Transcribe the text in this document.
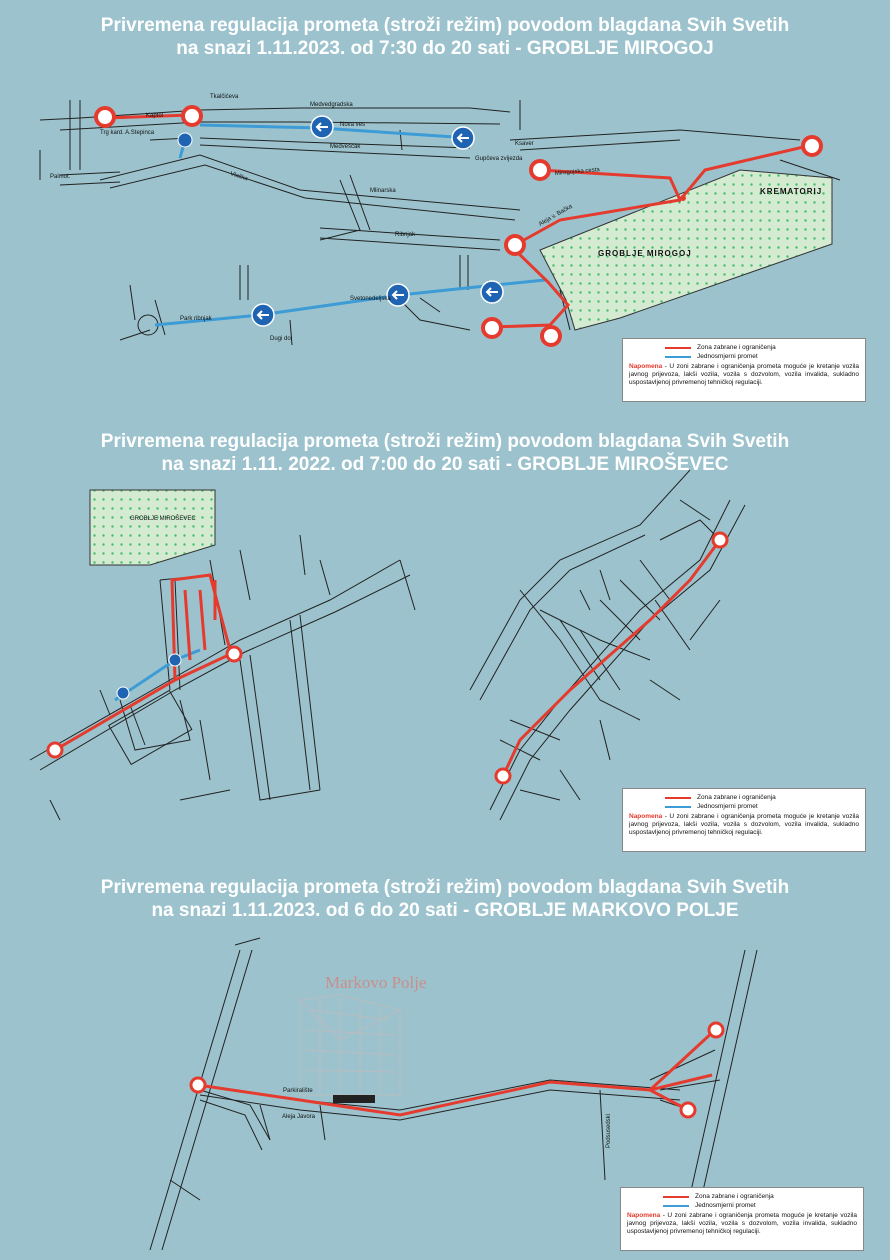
Privremena regulacija prometa (stroži režim) povodom blagdana Svih Svetih
na snazi 1.11.2023. od 7:30 do 20 sati - GROBLJE MIROGOJ
KREMATORIJ
GROBLJE MIROGOJ
Medvedgradska
Nova ves
Medvešćak
Kaptol
Tkalčićeva
Ksaver
Mirogojska cesta
Aleja v. Bačka
Mlinarska
Gupčeva zvijezda
Svetonedeljska
Dugi dol
Ribnjak
Trg kard. A.Stepinca
Palmot.
Park ribnjak
Vlaška
Zona zabrane i ograničenja
Jednosmjerni promet
Napomena - U zoni zabrane i ograničenja prometa moguće je kretanje vozila javnog prijevoza, lakši vozila, vozila s dozvolom, vozila invalida, sukladno uspostavljenoj privremenoj tehničkoj regulaciji.
Privremena regulacija prometa (stroži režim) povodom blagdana Svih Svetih
na snazi 1.11. 2022. od 7:00 do 20 sati - GROBLJE MIROŠEVEC
GROBLJE MIROŠEVEC
Zona zabrane i ograničenja
Jednosmjerni promet
Napomena - U zoni zabrane i ograničenja prometa moguće je kretanje vozila javnog prijevoza, lakši vozila, vozila s dozvolom, vozila invalida, sukladno uspostavljenoj privremenoj tehničkoj regulaciji.
Privremena regulacija prometa (stroži režim) povodom blagdana Svih Svetih
na snazi 1.11.2023. od 6 do 20 sati - GROBLJE MARKOVO POLJE
Markovo Polje
Parkiralište
Aleja Javora	Podsusedski
Zona zabrane i ograničenja
Jednosmjerni promet
Napomena - U zoni zabrane i ograničenja prometa moguće je kretanje vozila javnog prijevoza, lakši vozila, vozila s dozvolom, vozila invalida, sukladno uspostavljenoj privremenoj tehničkoj regulaciji.
